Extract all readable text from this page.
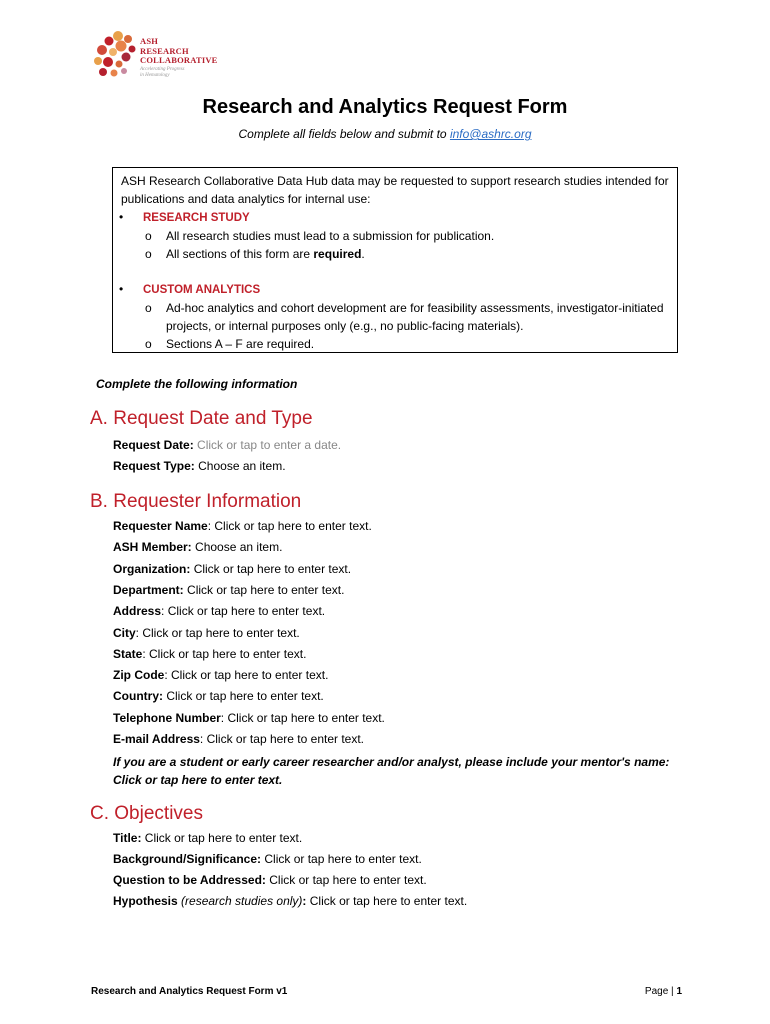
ASH
RESEARCH
COLLABORATIVE
Accelerating Progress
in Hematology
Research and Analytics Request Form
Complete all fields below and submit to info@ashrc.org

ASH Research Collaborative Data Hub data may be requested to support research studies intended for publications and data analytics for internal use:

• RESEARCH STUDY
o All research studies must lead to a submission for publication.
o All sections of this form are required.
• CUSTOM ANALYTICS
o Ad-hoc analytics and cohort development are for feasibility assessments, investigator-initiated projects, or internal purposes only (e.g., no public-facing materials).
o Sections A – F are required.
Complete the following information
A. Request Date and Type
Request Date: Click or tap to enter a date.
Request Type: Choose an item.
B. Requester Information
Requester Name: Click or tap here to enter text.
ASH Member: Choose an item.
Organization: Click or tap here to enter text.
Department: Click or tap here to enter text.
Address: Click or tap here to enter text.
City: Click or tap here to enter text.
State: Click or tap here to enter text.
Zip Code: Click or tap here to enter text.
Country: Click or tap here to enter text.
Telephone Number: Click or tap here to enter text.
E-mail Address: Click or tap here to enter text.
If you are a student or early career researcher and/or analyst, please include your mentor's name:
Click or tap here to enter text.
C. Objectives
Title: Click or tap here to enter text.
Background/Significance: Click or tap here to enter text.
Question to be Addressed: Click or tap here to enter text.
Hypothesis (research studies only): Click or tap here to enter text.
Research and Analytics Request Form v1	Page | 1
